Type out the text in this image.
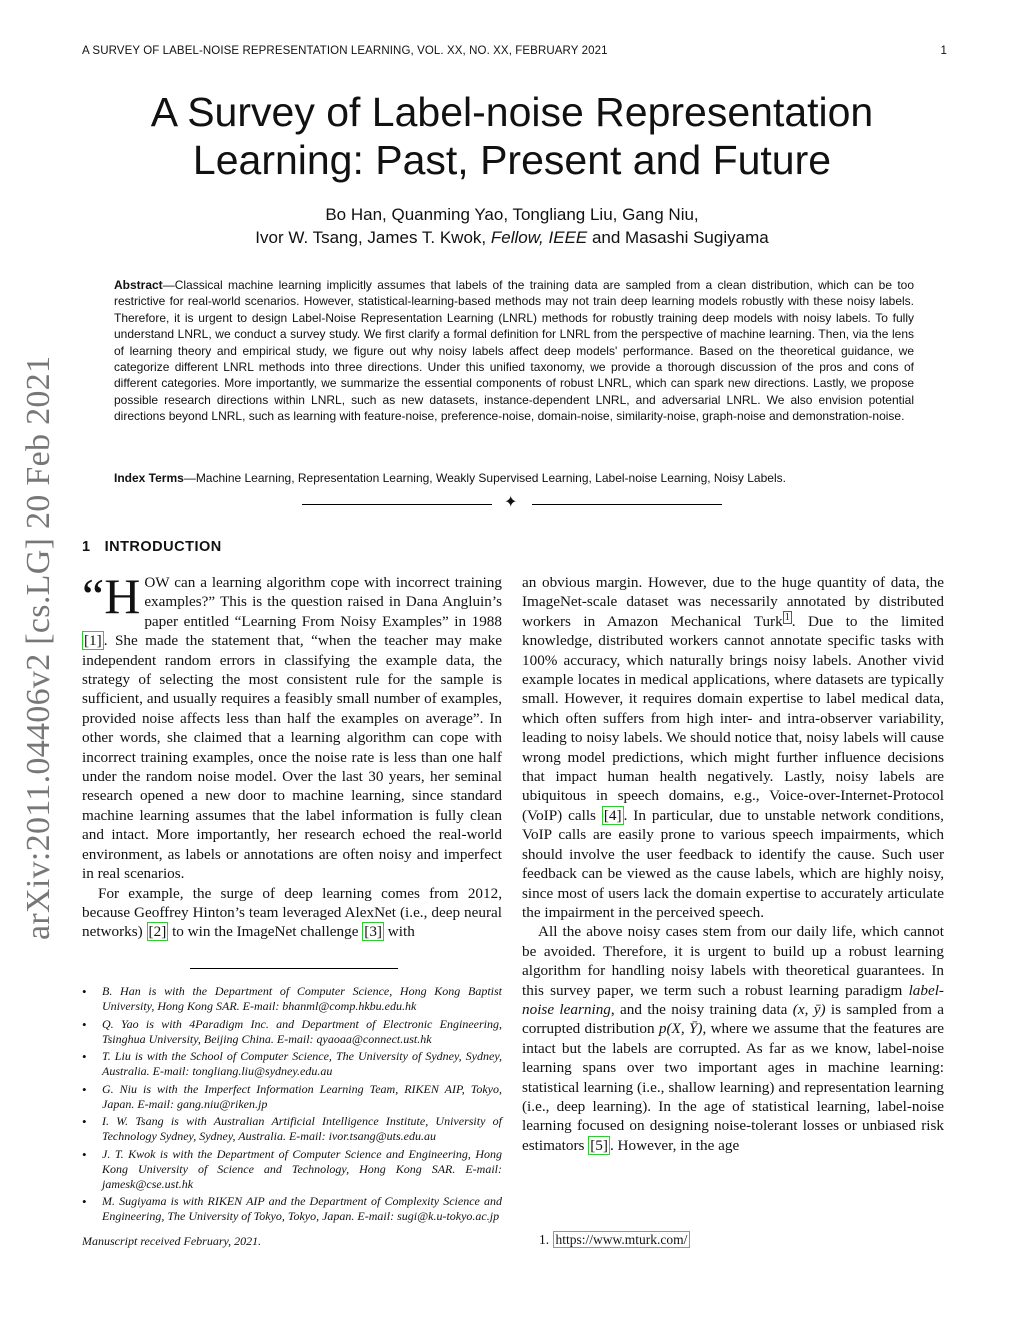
A SURVEY OF LABEL-NOISE REPRESENTATION LEARNING, VOL. XX, NO. XX, FEBRUARY 2021	1
arXiv:2011.04406v2 [cs.LG] 20 Feb 2021
A Survey of Label-noise Representation
Learning: Past, Present and Future
Bo Han, Quanming Yao, Tongliang Liu, Gang Niu,
Ivor W. Tsang, James T. Kwok, Fellow, IEEE and Masashi Sugiyama
Abstract—Classical machine learning implicitly assumes that labels of the training data are sampled from a clean distribution, which can be too restrictive for real-world scenarios. However, statistical-learning-based methods may not train deep learning models robustly with these noisy labels. Therefore, it is urgent to design Label-Noise Representation Learning (LNRL) methods for robustly training deep models with noisy labels. To fully understand LNRL, we conduct a survey study. We first clarify a formal definition for LNRL from the perspective of machine learning. Then, via the lens of learning theory and empirical study, we figure out why noisy labels affect deep models' performance. Based on the theoretical guidance, we categorize different LNRL methods into three directions. Under this unified taxonomy, we provide a thorough discussion of the pros and cons of different categories. More importantly, we summarize the essential components of robust LNRL, which can spark new directions. Lastly, we propose possible research directions within LNRL, such as new datasets, instance-dependent LNRL, and adversarial LNRL. We also envision potential directions beyond LNRL, such as learning with feature-noise, preference-noise, domain-noise, similarity-noise, graph-noise and demonstration-noise.
Index Terms—Machine Learning, Representation Learning, Weakly Supervised Learning, Label-noise Learning, Noisy Labels.
✦
1 INTRODUCTION

“H OW can a learning algorithm cope with incorrect training examples?” This is the question raised in Dana Angluin’s paper entitled “Learning From Noisy Examples” in 1988 [1] . She made the statement that, “when the teacher may make independent random errors in classifying the example data, the strategy of selecting the most consistent rule for the sample is sufficient, and usually requires a feasibly small number of examples, provided noise affects less than half the examples on average”. In other words, she claimed that a learning algorithm can cope with incorrect training examples, once the noise rate is less than one half under the random noise model. Over the last 30 years, her seminal research opened a new door to machine learning, since standard machine learning assumes that the label information is fully clean and intact. More importantly, her research echoed the real-world environment, as labels or annotations are often noisy and imperfect in real scenarios.

For example, the surge of deep learning comes from 2012, because Geoffrey Hinton’s team leveraged AlexNet (i.e., deep neural networks) [2] to win the ImageNet challenge [3] with

• B. Han is with the Department of Computer Science, Hong Kong Baptist University, Hong Kong SAR. E-mail: bhanml@comp.hkbu.edu.hk
• Q. Yao is with 4Paradigm Inc. and Department of Electronic Engineering, Tsinghua University, Beijing China. E-mail: qyaoaa@connect.ust.hk
• T. Liu is with the School of Computer Science, The University of Sydney, Sydney, Australia. E-mail: tongliang.liu@sydney.edu.au
• G. Niu is with the Imperfect Information Learning Team, RIKEN AIP, Tokyo, Japan. E-mail: gang.niu@riken.jp
• I. W. Tsang is with Australian Artificial Intelligence Institute, University of Technology Sydney, Sydney, Australia. E-mail: ivor.tsang@uts.edu.au
• J. T. Kwok is with the Department of Computer Science and Engineering, Hong Kong University of Science and Technology, Hong Kong SAR. E-mail: jamesk@cse.ust.hk
• M. Sugiyama is with RIKEN AIP and the Department of Complexity Science and Engineering, The University of Tokyo, Tokyo, Japan. E-mail: sugi@k.u-tokyo.ac.jp
Manuscript received February, 2021.

an obvious margin. However, due to the huge quantity of data, the ImageNet-scale dataset was necessarily annotated by distributed workers in Amazon Mechanical Turk $^1$ . Due to the limited knowledge, distributed workers cannot annotate specific tasks with 100% accuracy, which naturally brings noisy labels. Another vivid example locates in medical applications, where datasets are typically small. However, it requires domain expertise to label medical data, which often suffers from high inter- and intra-observer variability, leading to noisy labels. We should notice that, noisy labels will cause wrong model predictions, which might further influence decisions that impact human health negatively. Lastly, noisy labels are ubiquitous in speech domains, e.g., Voice-over-Internet-Protocol (VoIP) calls [4] . In particular, due to unstable network conditions, VoIP calls are easily prone to various speech impairments, which should involve the user feedback to identify the cause. Such user feedback can be viewed as the cause labels, which are highly noisy, since most of users lack the domain expertise to accurately articulate the impairment in the perceived speech.

All the above noisy cases stem from our daily life, which cannot be avoided. Therefore, it is urgent to build up a robust learning algorithm for handling noisy labels with theoretical guarantees. In this survey paper, we term such a robust learning paradigm label-noise learning, and the noisy training data (x, ȳ) is sampled from a corrupted distribution p(X, Ȳ), where we assume that the features are intact but the labels are corrupted. As far as we know, label-noise learning spans over two important ages in machine learning: statistical learning (i.e., shallow learning) and representation learning (i.e., deep learning). In the age of statistical learning, label-noise learning focused on designing noise-tolerant losses or unbiased risk estimators [5] . However, in the age

1. https://www.mturk.com/
